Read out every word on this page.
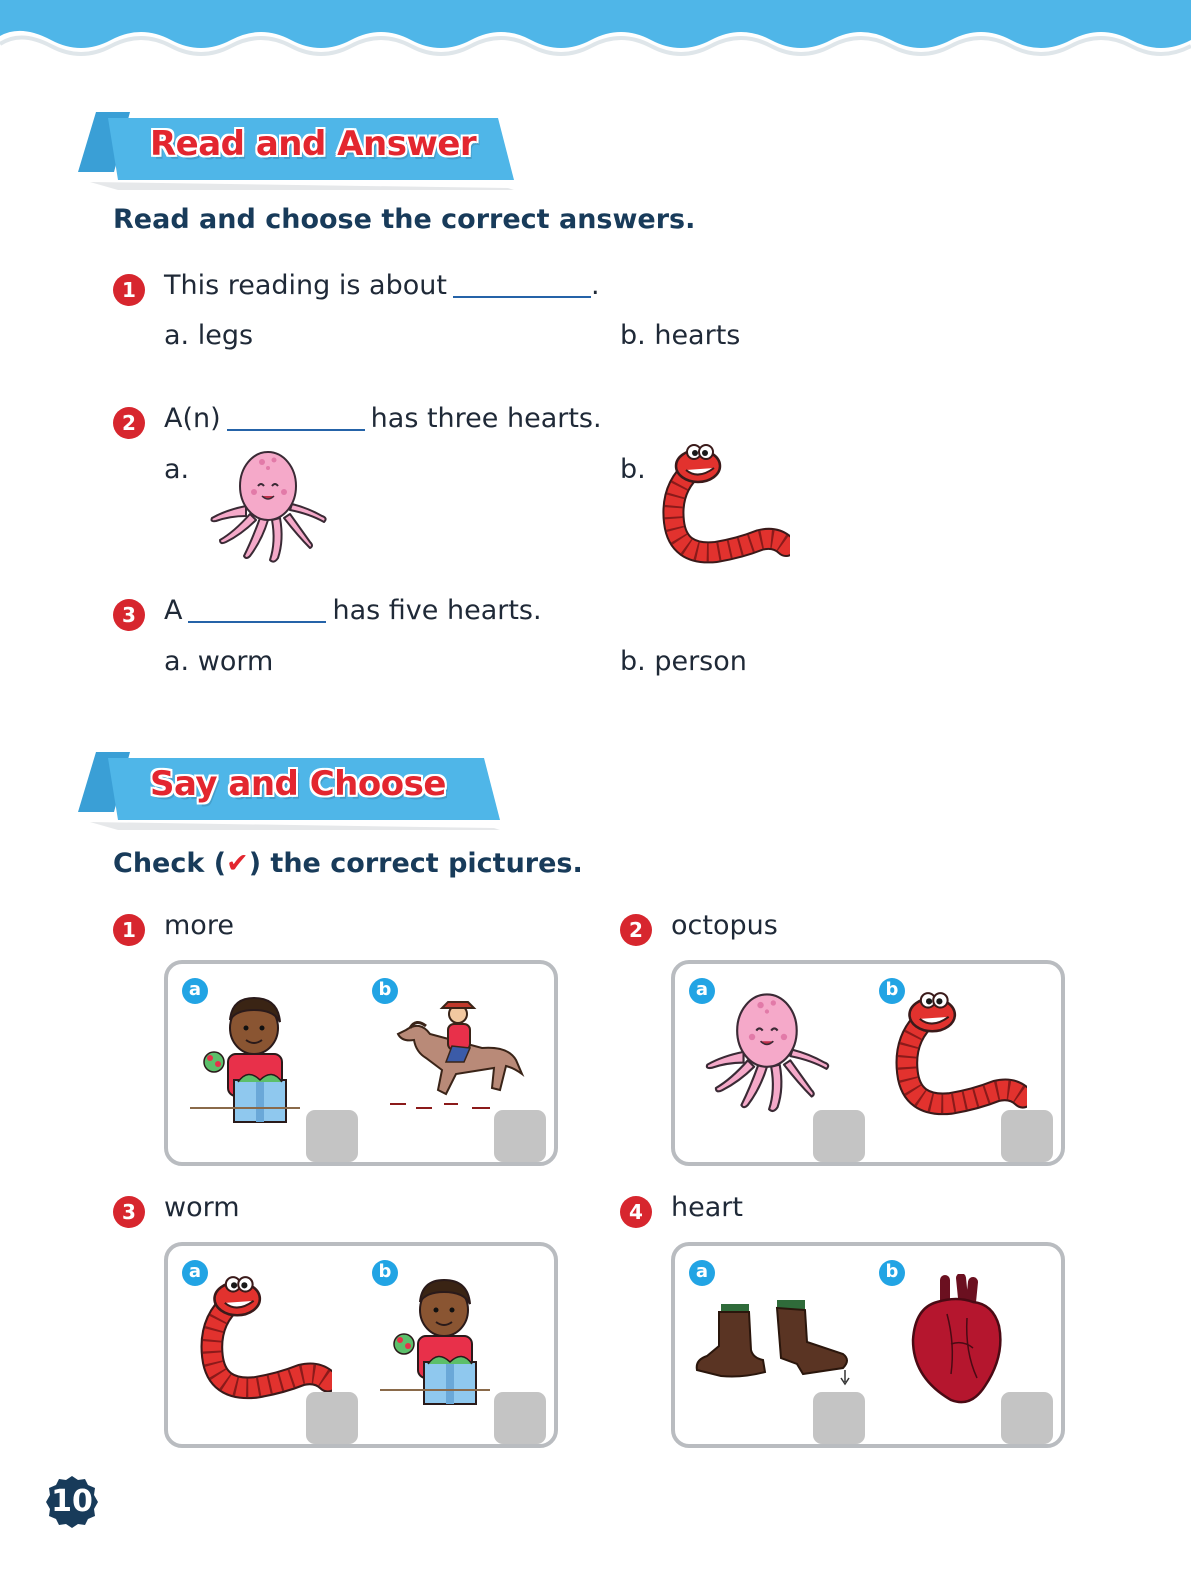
Read and Answer
Read and choose the correct answers.
1	This reading is about	.
a. legs	b. hearts
2	A(n)	has three hearts.
a.	b.
3	A	has five hearts.
a. worm	b. person
Say and Choose
Check (✔) the correct pictures.
1	more
a	b
2	octopus
a	b
3	worm
a	b
4	heart
a	b
10
